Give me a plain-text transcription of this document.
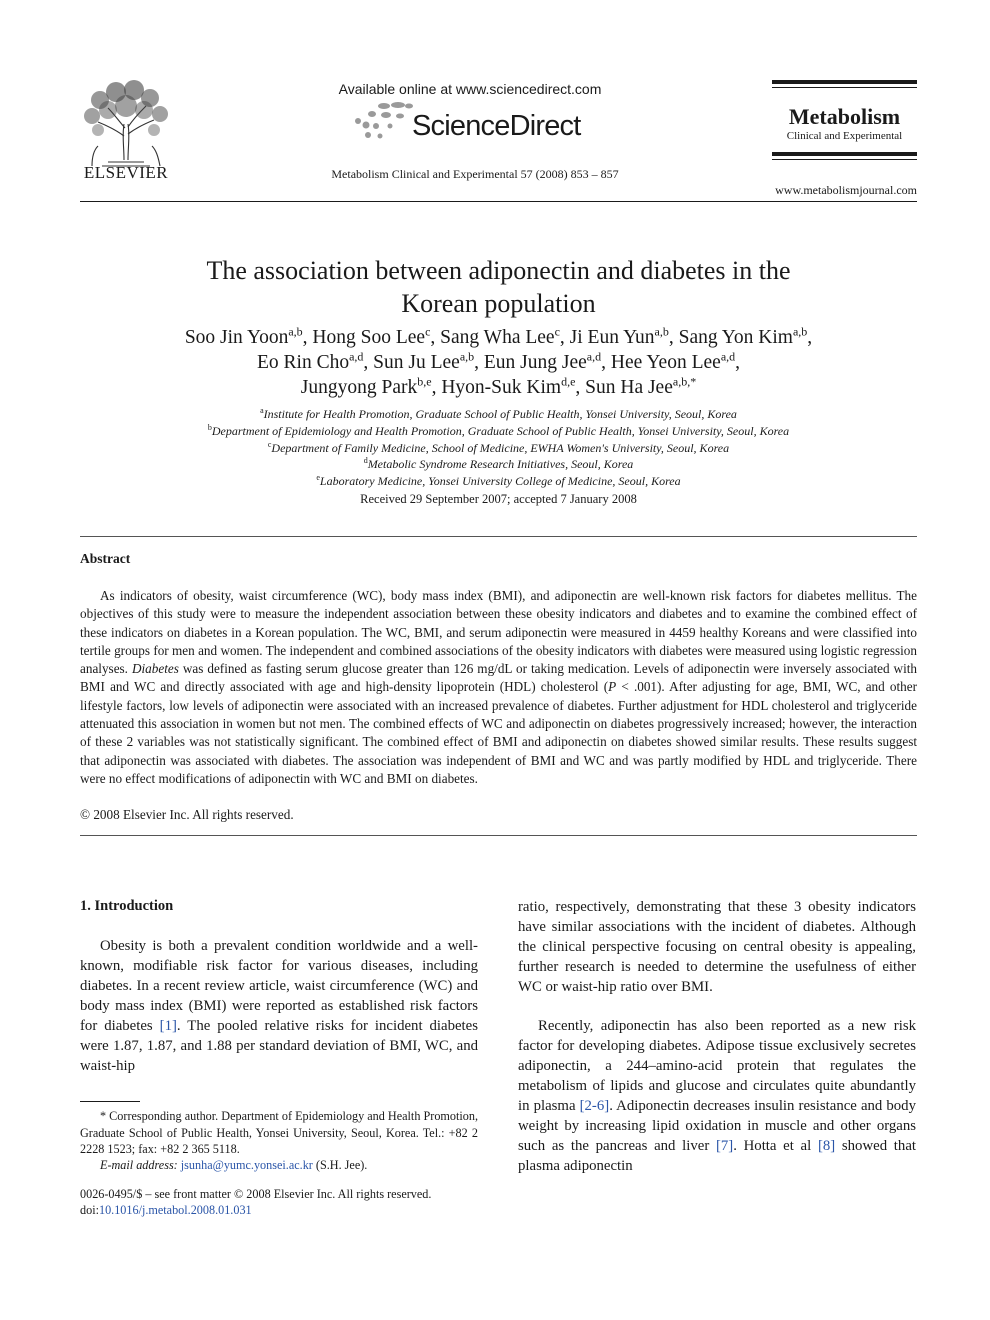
ELSEVIER
Available online at www.sciencedirect.com
ScienceDirect
Metabolism Clinical and Experimental 57 (2008) 853 – 857
Metabolism
Clinical and Experimental
www.metabolismjournal.com
The association between adiponectin and diabetes in the
Korean population
Soo Jin Yoon$^{a,b}$, Hong Soo Lee$^c$, Sang Wha Lee$^c$, Ji Eun Yun$^{a,b}$, Sang Yon Kim$^{a,b}$,
Eo Rin Cho$^{a,d}$, Sun Ju Lee$^{a,b}$, Eun Jung Jee$^{a,d}$, Hee Yeon Lee$^{a,d}$,
Jungyong Park$^{b,e}$, Hyon-Suk Kim$^{d,e}$, Sun Ha Jee$^{a,b,*}$
$^a$Institute for Health Promotion, Graduate School of Public Health, Yonsei University, Seoul, Korea
$^b$Department of Epidemiology and Health Promotion, Graduate School of Public Health, Yonsei University, Seoul, Korea
$^c$Department of Family Medicine, School of Medicine, EWHA Women's University, Seoul, Korea
$^d$Metabolic Syndrome Research Initiatives, Seoul, Korea
$^e$Laboratory Medicine, Yonsei University College of Medicine, Seoul, Korea
Received 29 September 2007; accepted 7 January 2008
Abstract

As indicators of obesity, waist circumference (WC), body mass index (BMI), and adiponectin are well-known risk factors for diabetes mellitus. The objectives of this study were to measure the independent association between these obesity indicators and diabetes and to examine the combined effect of these indicators on diabetes in a Korean population. The WC, BMI, and serum adiponectin were measured in 4459 healthy Koreans and were classified into tertile groups for men and women. The independent and combined associations of the obesity indicators with diabetes were measured using logistic regression analyses. Diabetes was defined as fasting serum glucose greater than 126 mg/dL or taking medication. Levels of adiponectin were inversely associated with BMI and WC and directly associated with age and high-density lipoprotein (HDL) cholesterol (P < .001). After adjusting for age, BMI, WC, and other lifestyle factors, low levels of adiponectin were associated with an increased prevalence of diabetes. Further adjustment for HDL cholesterol and triglyceride attenuated this association in women but not men. The combined effects of WC and adiponectin on diabetes progressively increased; however, the interaction of these 2 variables was not statistically significant. The combined effect of BMI and adiponectin on diabetes showed similar results. These results suggest that adiponectin was associated with diabetes. The association was independent of BMI and WC and was partly modified by HDL and triglyceride. There were no effect modifications of adiponectin with WC and BMI on diabetes.

© 2008 Elsevier Inc. All rights reserved.
1. Introduction

Obesity is both a prevalent condition worldwide and a well-known, modifiable risk factor for various diseases, including diabetes. In a recent review article, waist circumference (WC) and body mass index (BMI) were reported as established risk factors for diabetes [1]. The pooled relative risks for incident diabetes were 1.87, 1.87, and 1.88 per standard deviation of BMI, WC, and waist-hip

ratio, respectively, demonstrating that these 3 obesity indicators have similar associations with the incident of diabetes. Although the clinical perspective focusing on central obesity is appealing, further research is needed to determine the usefulness of either WC or waist-hip ratio over BMI.

Recently, adiponectin has also been reported as a new risk factor for developing diabetes. Adipose tissue exclusively secretes adiponectin, a 244–amino-acid protein that regulates the metabolism of lipids and glucose and circulates quite abundantly in plasma [2-6]. Adiponectin decreases insulin resistance and body weight by increasing lipid oxidation in muscle and other organs such as the pancreas and liver [7]. Hotta et al [8] showed that plasma adiponectin

* Corresponding author. Department of Epidemiology and Health Promotion, Graduate School of Public Health, Yonsei University, Seoul, Korea. Tel.: +82 2 2228 1523; fax: +82 2 365 5118.

E-mail address: jsunha@yumc.yonsei.ac.kr (S.H. Jee).
0026-0495/$ – see front matter © 2008 Elsevier Inc. All rights reserved.
doi:10.1016/j.metabol.2008.01.031
